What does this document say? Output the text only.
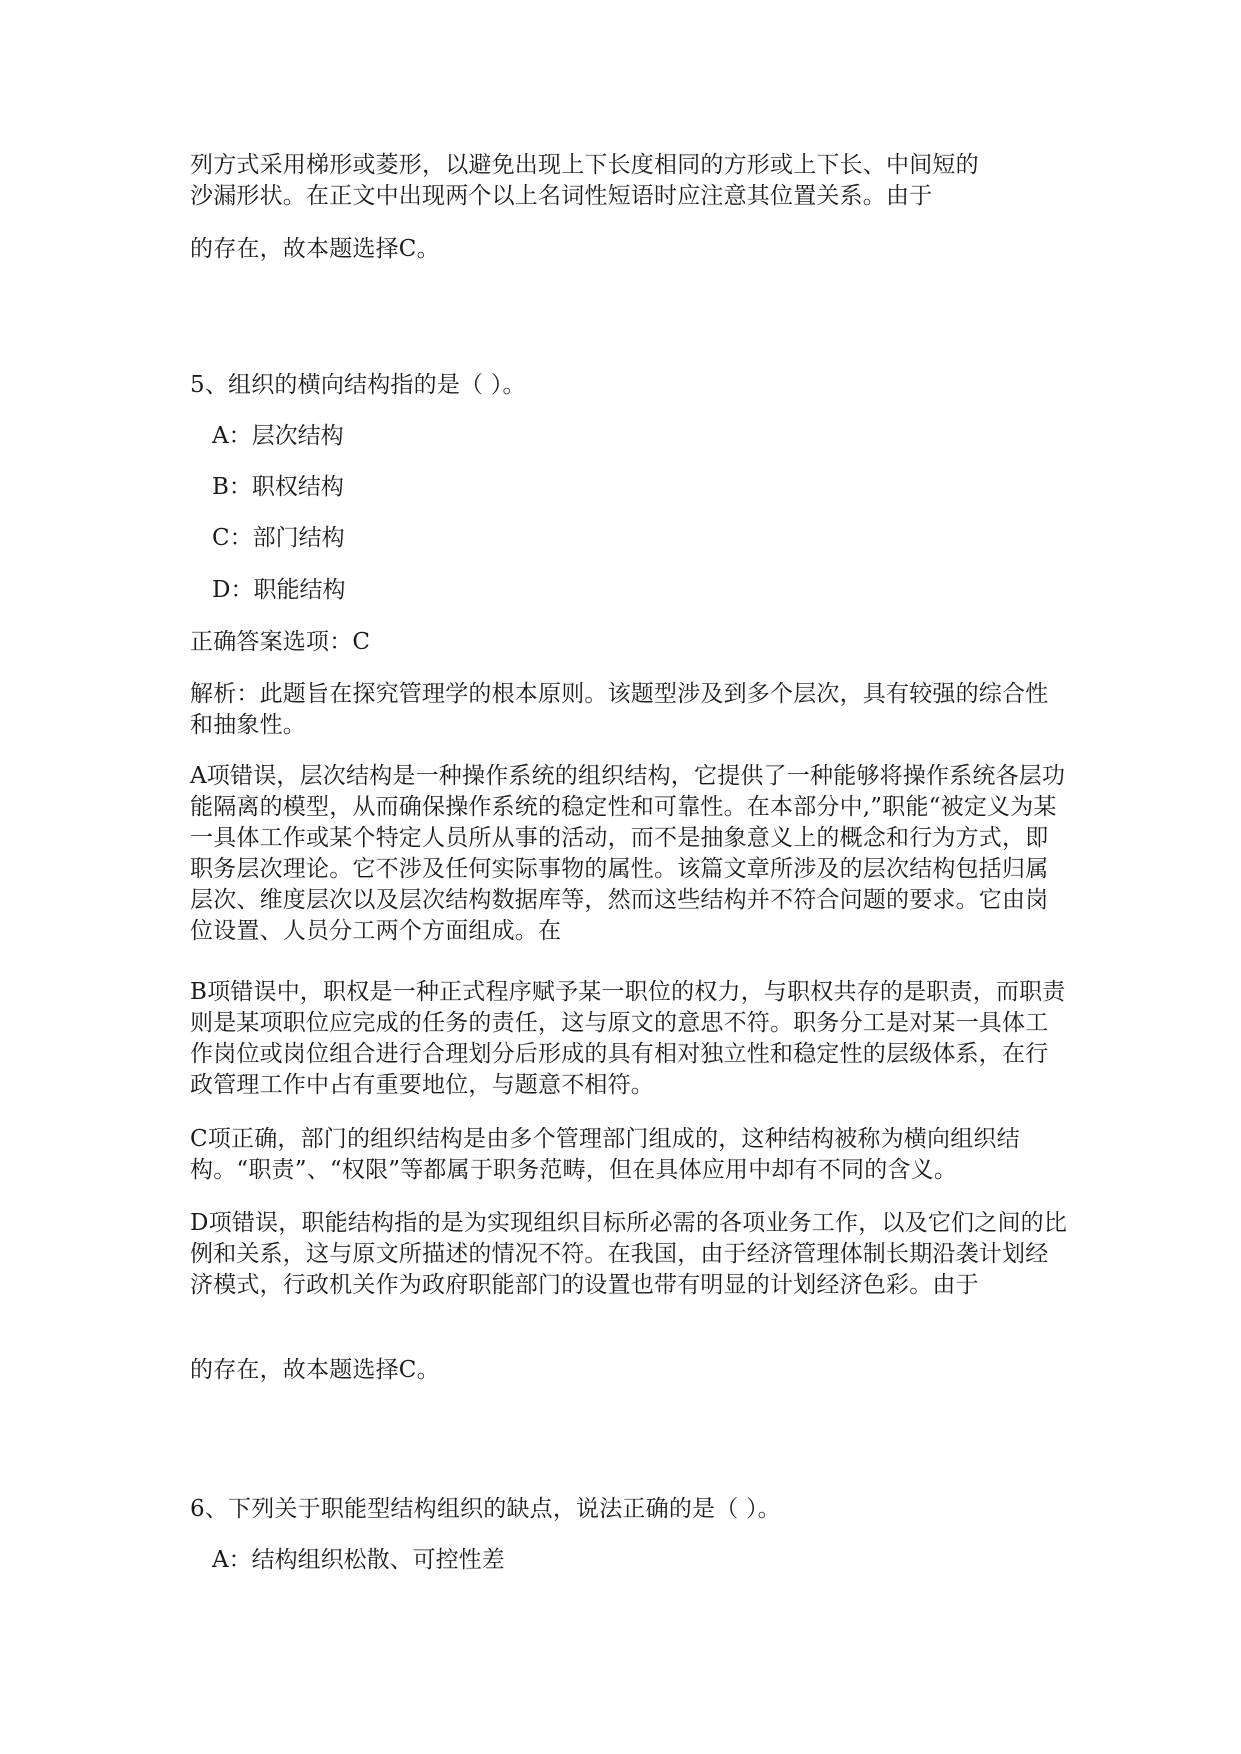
列方式采用梯形或菱形，以避免出现上下长度相同的方形或上下长、中间短的

沙漏形状。在正文中出现两个以上名词性短语时应注意其位置关系。由于

的存在，故本题选择C。

5、组织的横向结构指的是（ ）。

A：层次结构

B：职权结构

C：部门结构

D：职能结构

正确答案选项：C

解析：此题旨在探究管理学的根本原则。该题型涉及到多个层次，具有较强的综合性和抽象性。

A项错误，层次结构是一种操作系统的组织结构，它提供了一种能够将操作系统各层功能隔离的模型，从而确保操作系统的稳定性和可靠性。在本部分中,”职能“被定义为某一具体工作或某个特定人员所从事的活动，而不是抽象意义上的概念和行为方式，即职务层次理论。它不涉及任何实际事物的属性。该篇文章所涉及的层次结构包括归属层次、维度层次以及层次结构数据库等，然而这些结构并不符合问题的要求。它由岗位设置、人员分工两个方面组成。在

B项错误中，职权是一种正式程序赋予某一职位的权力，与职权共存的是职责，而职责则是某项职位应完成的任务的责任，这与原文的意思不符。职务分工是对某一具体工作岗位或岗位组合进行合理划分后形成的具有相对独立性和稳定性的层级体系，在行政管理工作中占有重要地位，与题意不相符。

C项正确，部门的组织结构是由多个管理部门组成的，这种结构被称为横向组织结构。“职责”、“权限”等都属于职务范畴，但在具体应用中却有不同的含义。

D项错误，职能结构指的是为实现组织目标所必需的各项业务工作，以及它们之间的比例和关系，这与原文所描述的情况不符。在我国，由于经济管理体制长期沿袭计划经济模式，行政机关作为政府职能部门的设置也带有明显的计划经济色彩。由于

的存在，故本题选择C。

6、下列关于职能型结构组织的缺点，说法正确的是（ ）。

A：结构组织松散、可控性差
